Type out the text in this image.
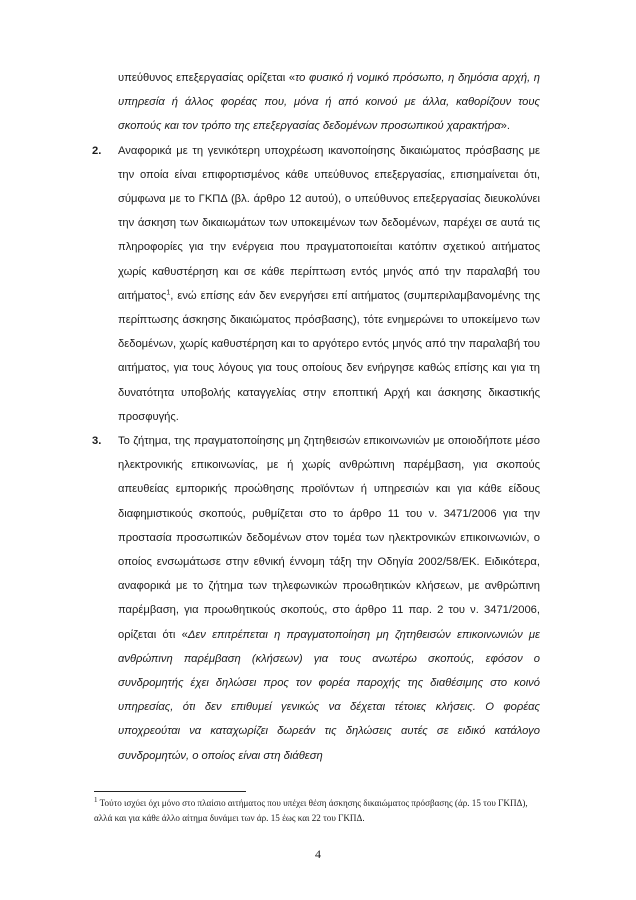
υπεύθυνος επεξεργασίας ορίζεται «το φυσικό ή νομικό πρόσωπο, η δημόσια αρχή, η υπηρεσία ή άλλος φορέας που, μόνα ή από κοινού με άλλα, καθορίζουν τους σκοπούς και τον τρόπο της επεξεργασίας δεδομένων προσωπικού χαρακτήρα».

2. Αναφορικά με τη γενικότερη υποχρέωση ικανοποίησης δικαιώματος πρόσβασης με την οποία είναι επιφορτισμένος κάθε υπεύθυνος επεξεργασίας, επισημαίνεται ότι, σύμφωνα με το ΓΚΠΔ (βλ. άρθρο 12 αυτού), ο υπεύθυνος επεξεργασίας διευκολύνει την άσκηση των δικαιωμάτων των υποκειμένων των δεδομένων, παρέχει σε αυτά τις πληροφορίες για την ενέργεια που πραγματοποιείται κατόπιν σχετικού αιτήματος χωρίς καθυστέρηση και σε κάθε περίπτωση εντός μηνός από την παραλαβή του αιτήματος$^1$, ενώ επίσης εάν δεν ενεργήσει επί αιτήματος (συμπεριλαμβανομένης της περίπτωσης άσκησης δικαιώματος πρόσβασης), τότε ενημερώνει το υποκείμενο των δεδομένων, χωρίς καθυστέρηση και το αργότερο εντός μηνός από την παραλαβή του αιτήματος, για τους λόγους για τους οποίους δεν ενήργησε καθώς επίσης και για τη δυνατότητα υποβολής καταγγελίας στην εποπτική Αρχή και άσκησης δικαστικής προσφυγής.

3. Το ζήτημα, της πραγματοποίησης μη ζητηθεισών επικοινωνιών με οποιοδήποτε μέσο ηλεκτρονικής επικοινωνίας, με ή χωρίς ανθρώπινη παρέμβαση, για σκοπούς απευθείας εμπορικής προώθησης προϊόντων ή υπηρεσιών και για κάθε είδους διαφημιστικούς σκοπούς, ρυθμίζεται στο το άρθρο 11 του ν. 3471/2006 για την προστασία προσωπικών δεδομένων στον τομέα των ηλεκτρονικών επικοινωνιών, ο οποίος ενσωμάτωσε στην εθνική έννομη τάξη την Οδηγία 2002/58/ΕΚ. Ειδικότερα, αναφορικά με το ζήτημα των τηλεφωνικών προωθητικών κλήσεων, με ανθρώπινη παρέμβαση, για προωθητικούς σκοπούς, στο άρθρο 11 παρ. 2 του ν. 3471/2006, ορίζεται ότι «Δεν επιτρέπεται η πραγματοποίηση μη ζητηθεισών επικοινωνιών με ανθρώπινη παρέμβαση (κλήσεων) για τους ανωτέρω σκοπούς, εφόσον ο συνδρομητής έχει δηλώσει προς τον φορέα παροχής της διαθέσιμης στο κοινό υπηρεσίας, ότι δεν επιθυμεί γενικώς να δέχεται τέτοιες κλήσεις. Ο φορέας υποχρεούται να καταχωρίζει δωρεάν τις δηλώσεις αυτές σε ειδικό κατάλογο συνδρομητών, ο οποίος είναι στη διάθεση

$^1$ Τούτο ισχύει όχι μόνο στο πλαίσιο αιτήματος που υπέχει θέση άσκησης δικαιώματος πρόσβασης (άρ. 15 του ΓΚΠΔ), αλλά και για κάθε άλλο αίτημα δυνάμει των άρ. 15 έως και 22 του ΓΚΠΔ.
4
